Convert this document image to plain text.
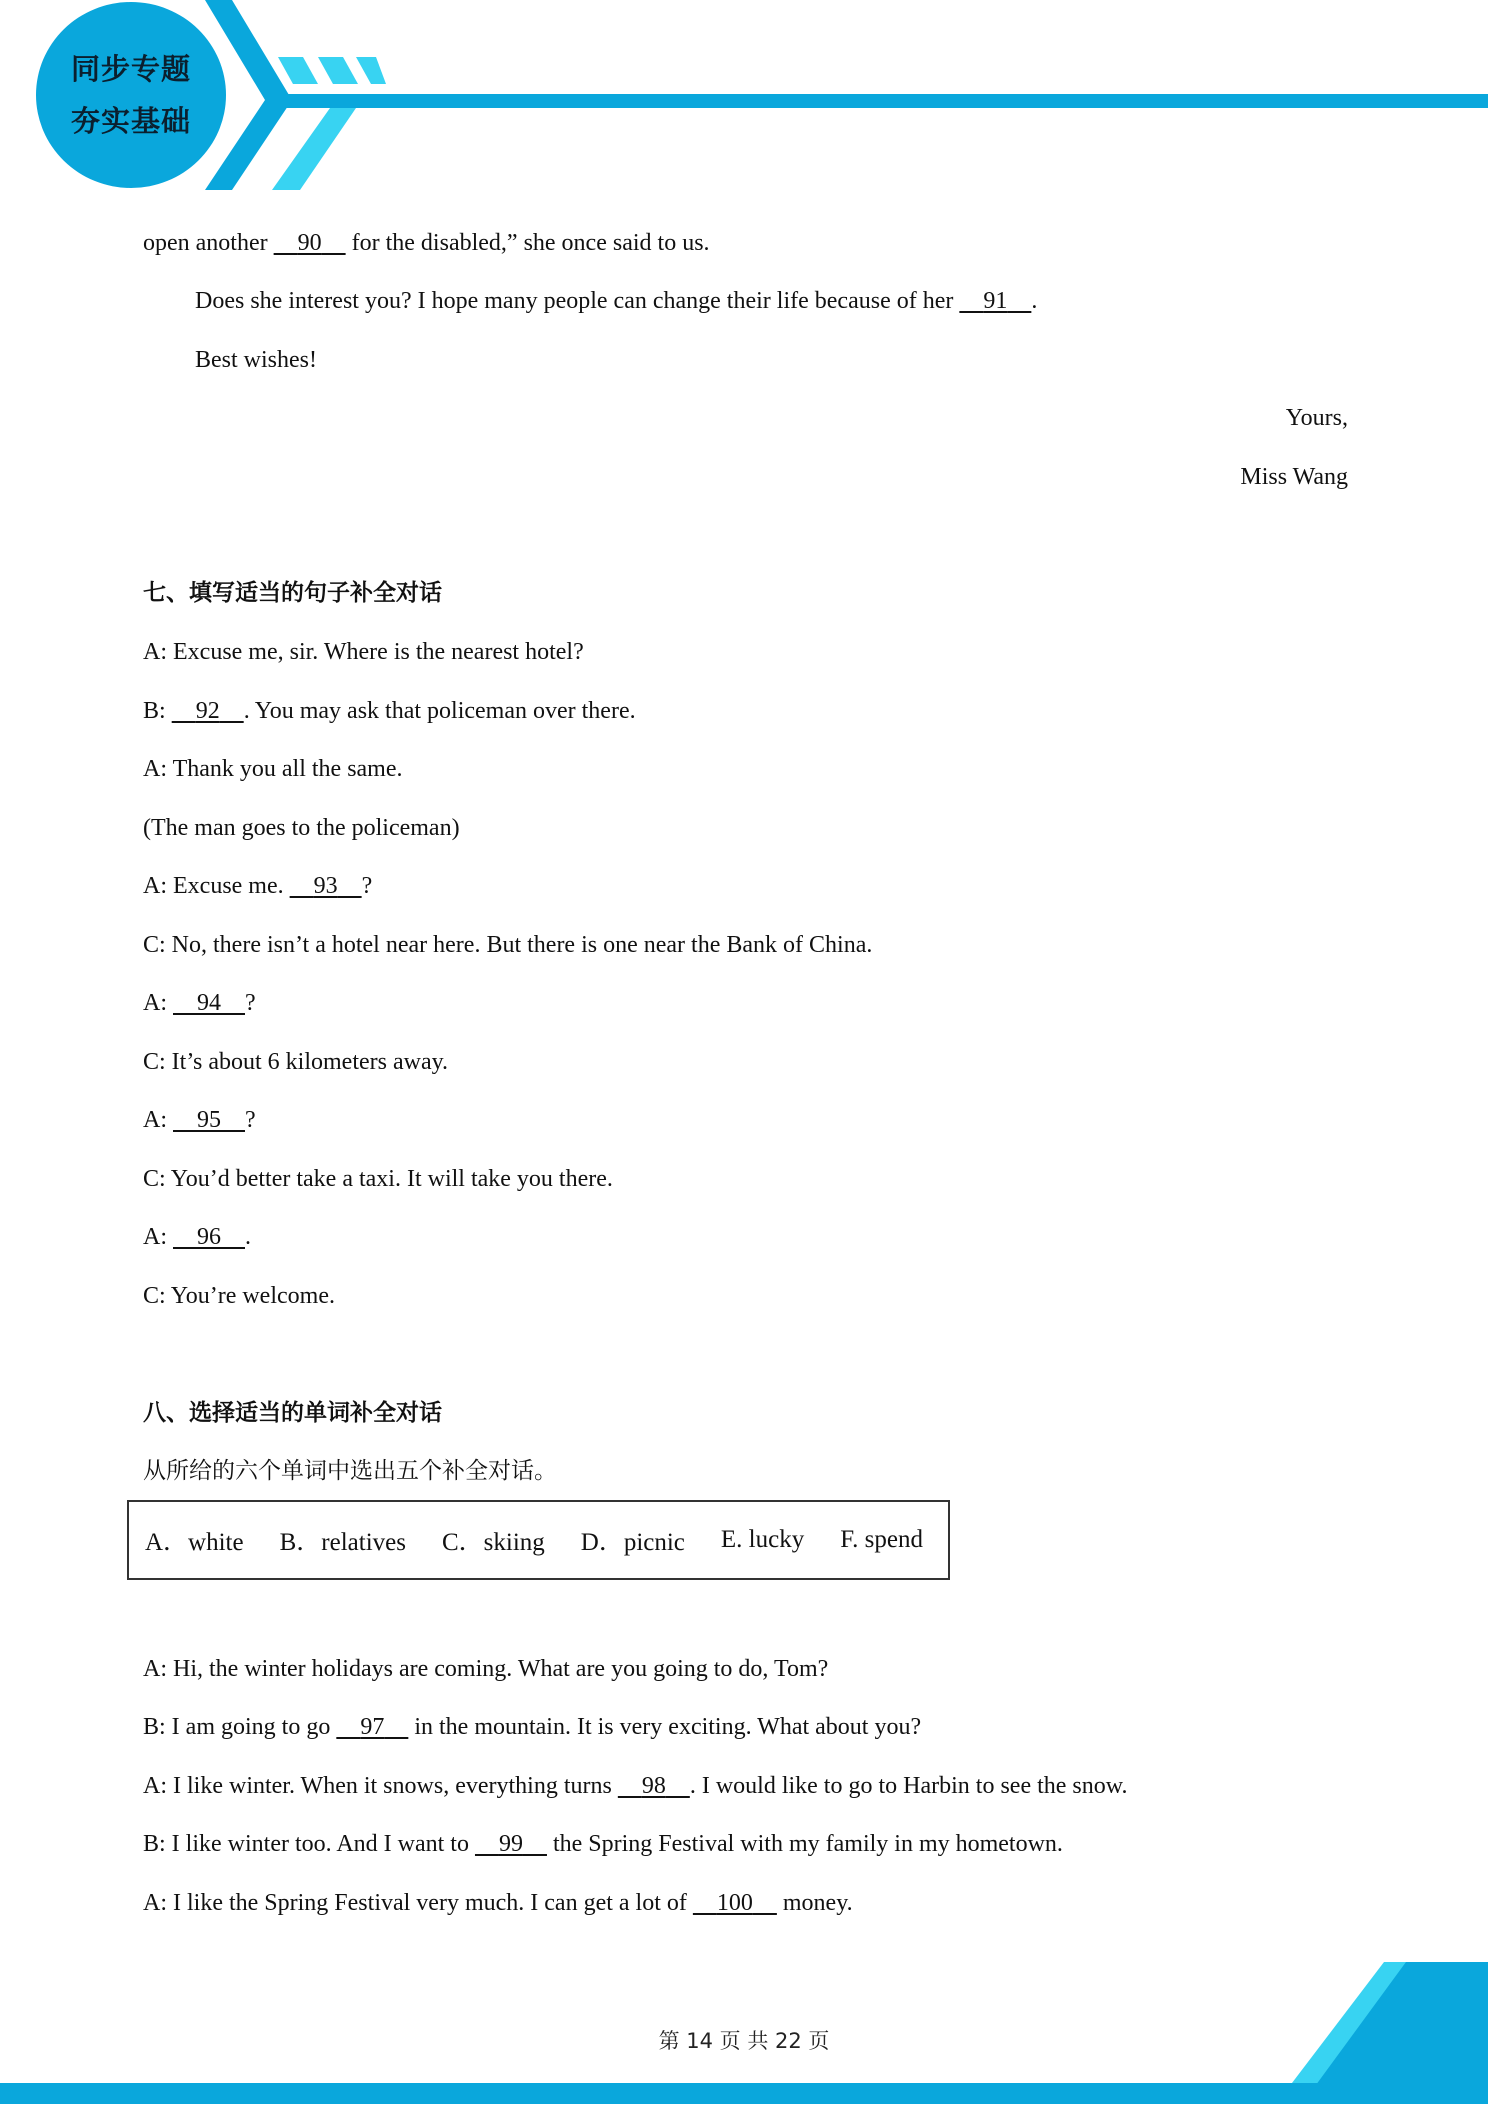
同步专题
夯实基础
open another     90     for the disabled,” she once said to us.
Does she interest you? I hope many people can change their life because of her     91 .
Best wishes!
Yours,
Miss Wang
七、填写适当的句子补全对话
A: Excuse me, sir. Where is the nearest hotel?
B:     92 . You may ask that policeman over there.
A: Thank you all the same.
(The man goes to the policeman)
A: Excuse me.     93 ?
C: No, there isn’t a hotel near here. But there is one near the Bank of China.
A:     94 ?
C: It’s about 6 kilometers away.
A:     95 ?
C: You’d better take a taxi. It will take you there.
A:     96 .
C: You’re welcome.
八、选择适当的单词补全对话
从所给的六个单词中选出五个补全对话。
A．white B．relatives C．skiing D．picnic E. lucky F. spend
A: Hi, the winter holidays are coming. What are you going to do, Tom?
B: I am going to go     97     in the mountain. It is very exciting. What about you?
A: I like winter. When it snows, everything turns     98 . I would like to go to Harbin to see the snow.
B: I like winter too. And I want to     99     the Spring Festival with my family in my hometown.
A: I like the Spring Festival very much. I can get a lot of     100     money.
第 14 页 共 22 页
